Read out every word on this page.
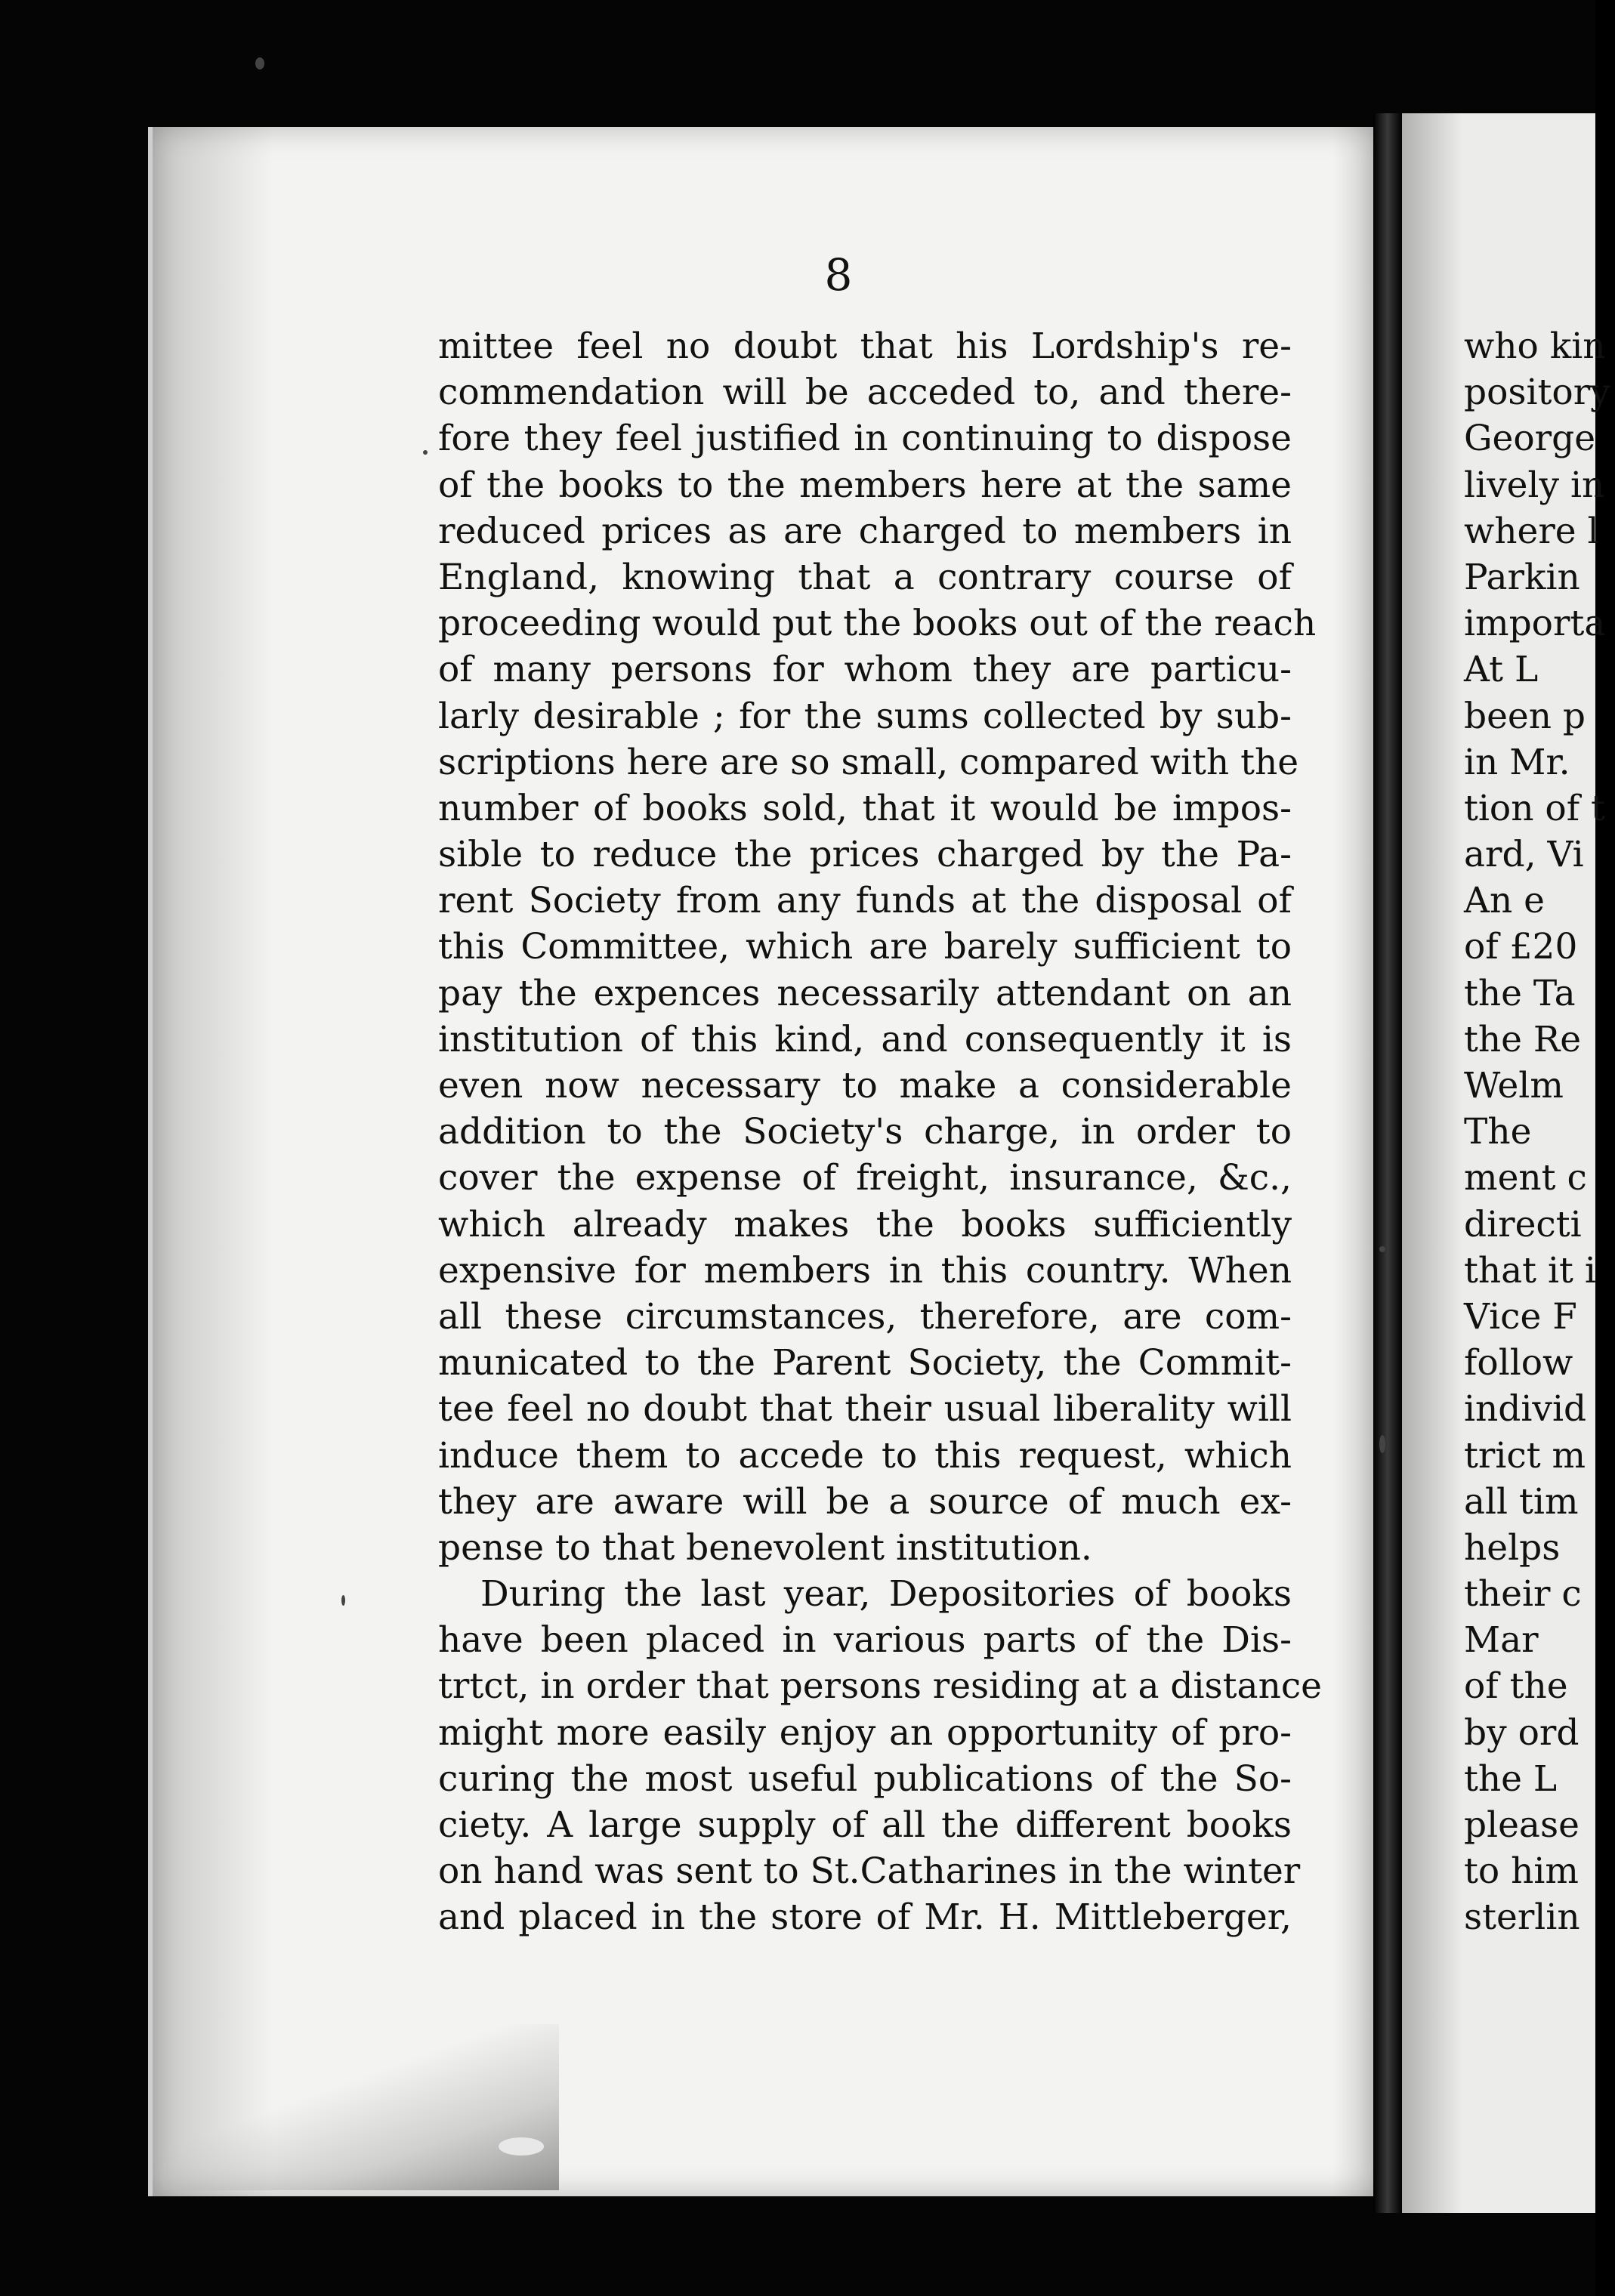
8
mittee feel no doubt that his Lordship's re-
commendation will be acceded to, and there-
fore they feel justified in continuing to dispose
of the books to the members here at the same
reduced prices as are charged to members in
England, knowing that a contrary course of
proceeding would put the books out of the reach
of many persons for whom they are particu-
larly desirable ; for the sums collected by sub-
scriptions here are so small, compared with the
number of books sold, that it would be impos-
sible to reduce the prices charged by the Pa-
rent Society from any funds at the disposal of
this Committee, which are barely sufficient to
pay the expences necessarily attendant on an
institution of this kind, and consequently it is
even now necessary to make a considerable
addition to the Society's charge, in order to
cover the expense of freight, insurance, &c.,
which already makes the books sufficiently
expensive for members in this country. When
all these circumstances, therefore, are com-
municated to the Parent Society, the Commit-
tee feel no doubt that their usual liberality will
induce them to accede to this request, which
they are aware will be a source of much ex-
pense to that benevolent institution.
During the last year, Depositories of books
have been placed in various parts of the Dis-
trtct, in order that persons residing at a distance
might more easily enjoy an opportunity of pro-
curing the most useful publications of the So-
ciety. A large supply of all the different books
on hand was sent to St.Catharines in the winter
and placed in the store of Mr. H. Mittleberger,
who kin
pository
George
lively in
where l
Parkin
importa
At L
been p
in Mr.
tion of t
ard, Vi
An e
of £20
the Ta
the Re
Welm
The
ment c
directi
that it i
Vice F
follow
individ
trict m
all tim
helps
their c
Mar
of the
by ord
the L
please
to him
sterlin
